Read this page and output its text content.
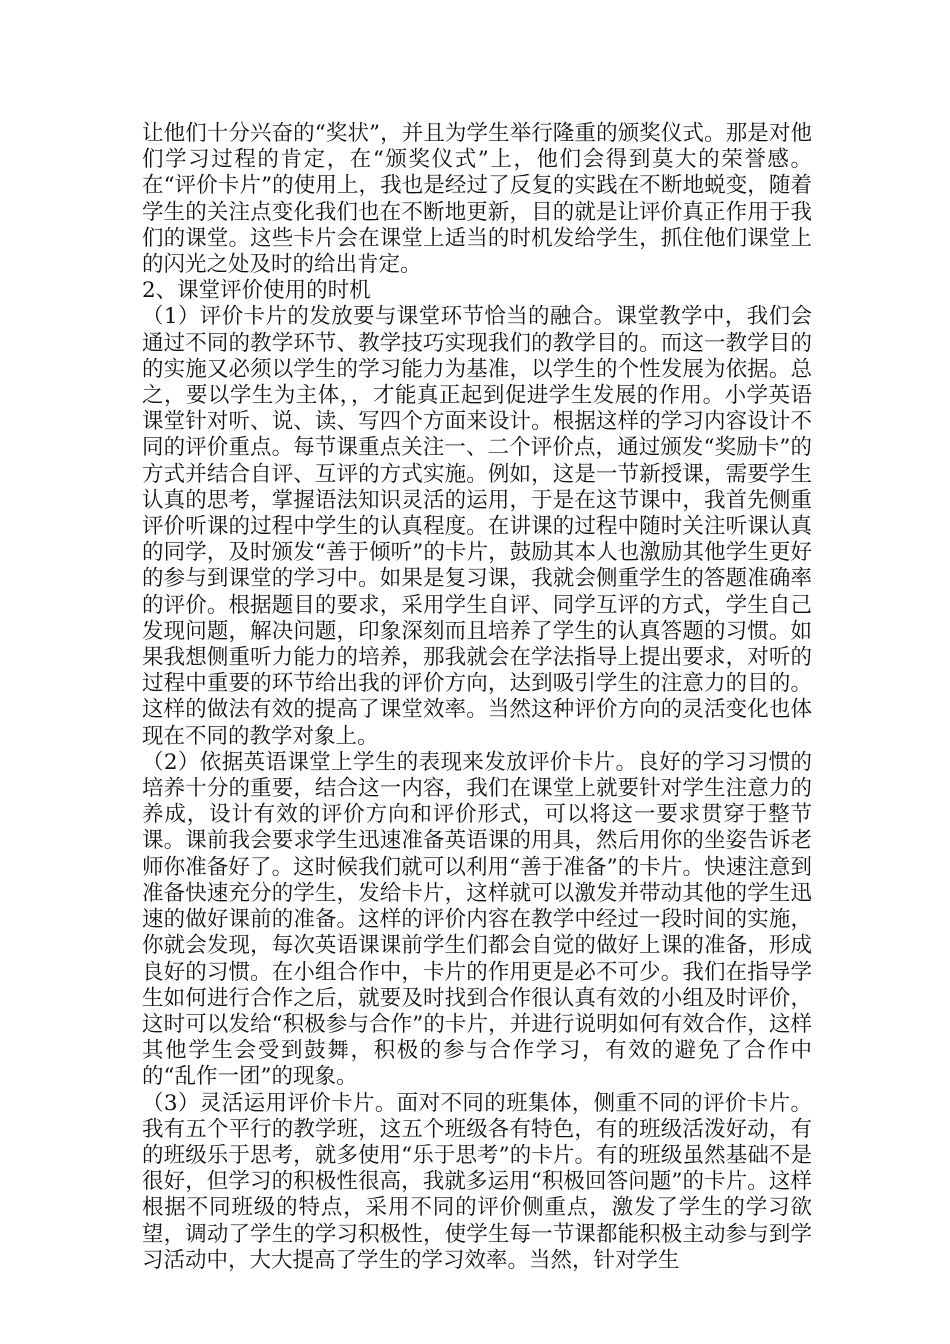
让他们十分兴奋的“奖状”，并且为学生举行隆重的颁奖仪式。那是对他们学习过程的肯定，在“颁奖仪式”上，他们会得到莫大的荣誉感。在“评价卡片”的使用上，我也是经过了反复的实践在不断地蜕变，随着学生的关注点变化我们也在不断地更新，目的就是让评价真正作用于我们的课堂。这些卡片会在课堂上适当的时机发给学生，抓住他们课堂上的闪光之处及时的给出肯定。

2、课堂评价使用的时机

（1）评价卡片的发放要与课堂环节恰当的融合。课堂教学中，我们会通过不同的教学环节、教学技巧实现我们的教学目的。而这一教学目的的实施又必须以学生的学习能力为基准，以学生的个性发展为依据。总之，要以学生为主体，，才能真正起到促进学生发展的作用。小学英语课堂针对听、说、读、写四个方面来设计。根据这样的学习内容设计不同的评价重点。每节课重点关注一、二个评价点，通过颁发“奖励卡”的方式并结合自评、互评的方式实施。例如，这是一节新授课，需要学生认真的思考，掌握语法知识灵活的运用，于是在这节课中，我首先侧重评价听课的过程中学生的认真程度。在讲课的过程中随时关注听课认真的同学，及时颁发“善于倾听”的卡片，鼓励其本人也激励其他学生更好的参与到课堂的学习中。如果是复习课，我就会侧重学生的答题准确率的评价。根据题目的要求，采用学生自评、同学互评的方式，学生自己发现问题，解决问题，印象深刻而且培养了学生的认真答题的习惯。如果我想侧重听力能力的培养，那我就会在学法指导上提出要求，对听的过程中重要的环节给出我的评价方向，达到吸引学生的注意力的目的。这样的做法有效的提高了课堂效率。当然这种评价方向的灵活变化也体现在不同的教学对象上。

（2）依据英语课堂上学生的表现来发放评价卡片。良好的学习习惯的培养十分的重要，结合这一内容，我们在课堂上就要针对学生注意力的养成，设计有效的评价方向和评价形式，可以将这一要求贯穿于整节课。课前我会要求学生迅速准备英语课的用具，然后用你的坐姿告诉老师你准备好了。这时候我们就可以利用“善于准备”的卡片。快速注意到准备快速充分的学生，发给卡片，这样就可以激发并带动其他的学生迅速的做好课前的准备。这样的评价内容在教学中经过一段时间的实施，你就会发现，每次英语课课前学生们都会自觉的做好上课的准备，形成良好的习惯。在小组合作中，卡片的作用更是必不可少。我们在指导学生如何进行合作之后，就要及时找到合作很认真有效的小组及时评价，这时可以发给“积极参与合作”的卡片，并进行说明如何有效合作，这样其他学生会受到鼓舞，积极的参与合作学习，有效的避免了合作中的“乱作一团”的现象。

（3）灵活运用评价卡片。面对不同的班集体，侧重不同的评价卡片。我有五个平行的教学班，这五个班级各有特色，有的班级活泼好动，有的班级乐于思考，就多使用“乐于思考”的卡片。有的班级虽然基础不是很好，但学习的积极性很高，我就多运用“积极回答问题”的卡片。这样根据不同班级的特点，采用不同的评价侧重点，激发了学生的学习欲望，调动了学生的学习积极性，使学生每一节课都能积极主动参与到学习活动中，大大提高了学生的学习效率。当然，针对学生
